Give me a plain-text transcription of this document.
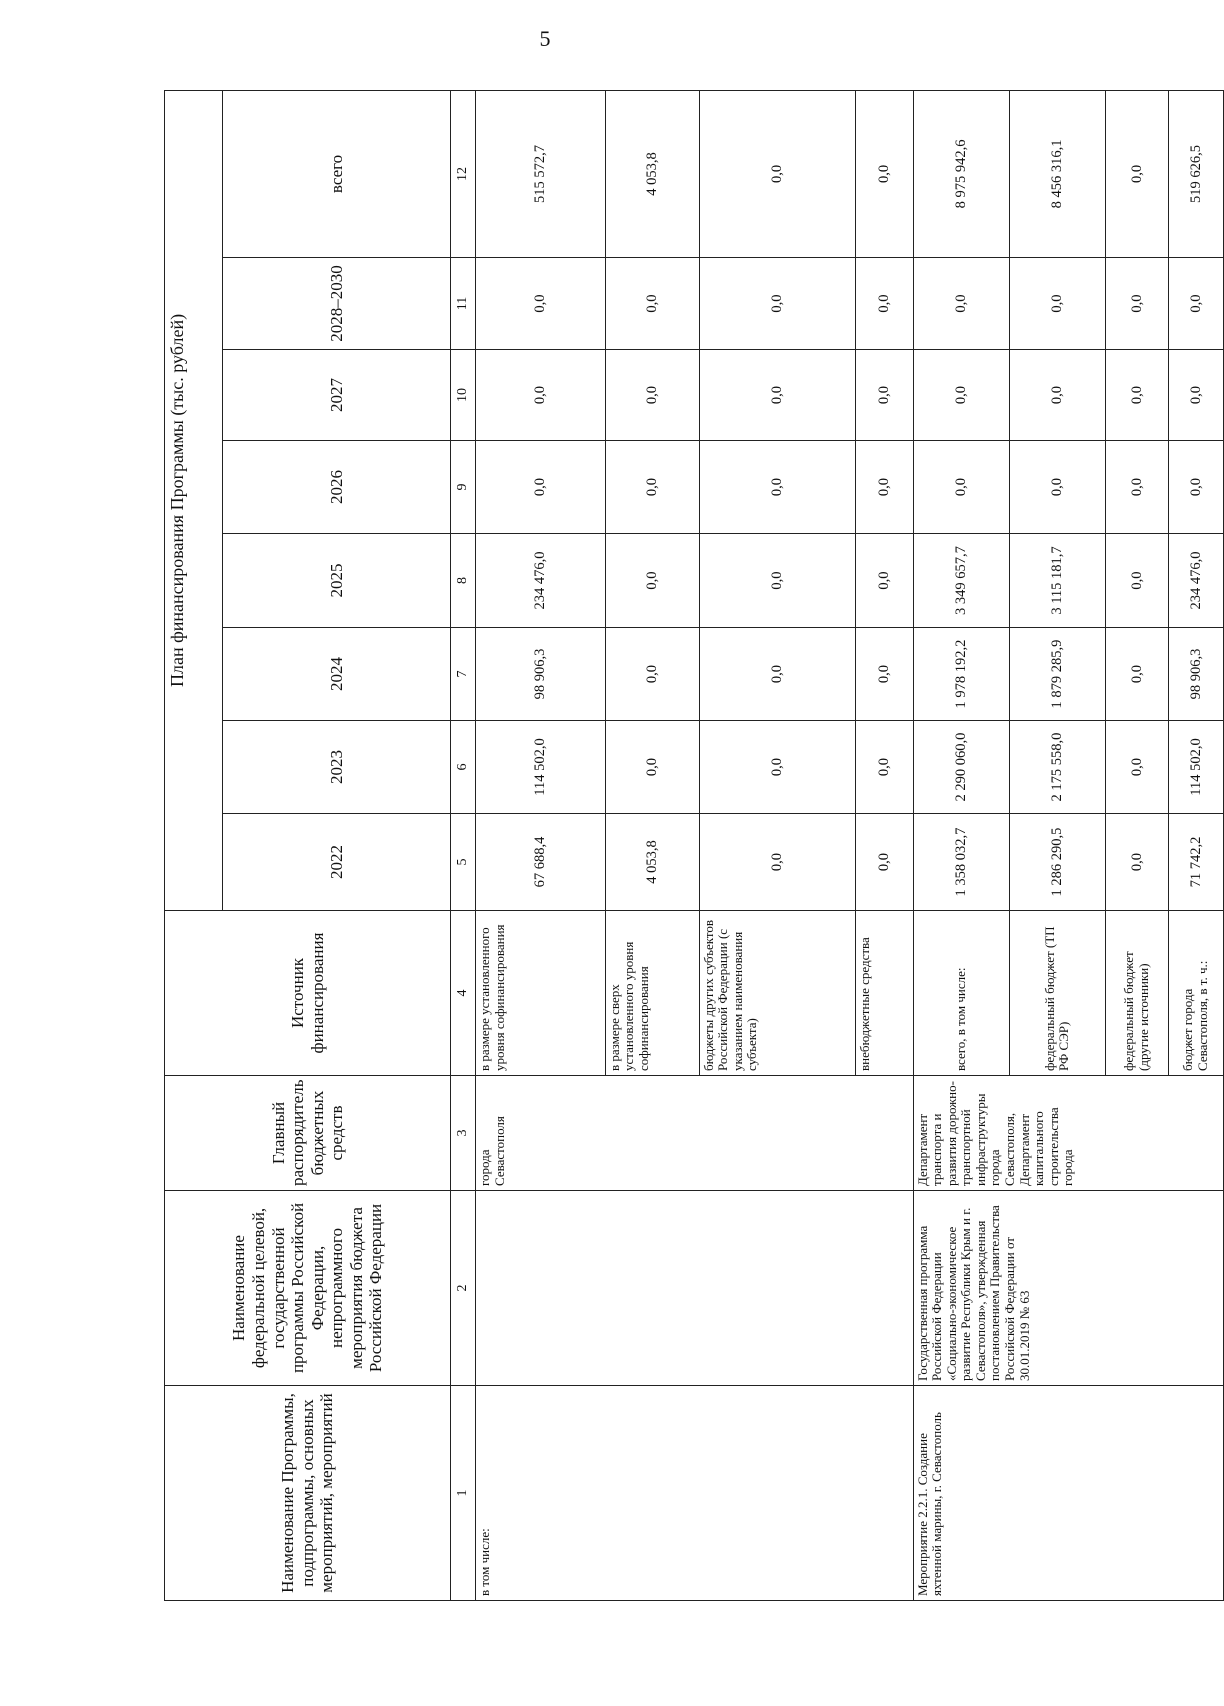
5
Наименование Программы, подпрограммы, основных мероприятий, мероприятий	Наименование федеральной целевой, государственной программы Российской Федерации, непрограммного мероприятия бюджета Российской Федерации	Главный распорядитель бюджетных средств	Источник финансирования	План финансирования Программы (тыс. рублей)							
				2022	2023	2024	2025	2026	2027	2028–2030	всего
1	2	3	4	5	6	7	8	9	10	11	12
в том числе:		города Севастополя	в размере установленного уровня софинансирования	67 688,4	114 502,0	98 906,3	234 476,0	0,0	0,0	0,0	515 572,7
			в размере сверх установленного уровня софинансирования	4 053,8	0,0	0,0	0,0	0,0	0,0	0,0	4 053,8
			бюджеты других субъектов Российской Федерации (с указанием наименования субъекта)	0,0	0,0	0,0	0,0	0,0	0,0	0,0	0,0
			внебюджетные средства	0,0	0,0	0,0	0,0	0,0	0,0	0,0	0,0
Мероприятие 2.2.1. Создание яхтенной марины, г. Севастополь	Государственная программа Российской Федерации «Социально-экономическое развитие Республики Крым и г. Севастополя», утвержденная постановлением Правительства Российской Федерации от 30.01.2019 № 63	Департамент транспорта и развития дорожно-транспортной инфраструктуры города Севастополя, Департамент капитального строительства города	всего, в том числе:	1 358 032,7	2 290 060,0	1 978 192,2	3 349 657,7	0,0	0,0	0,0	8 975 942,6
			федеральный бюджет (ТП РФ СЭР)	1 286 290,5	2 175 558,0	1 879 285,9	3 115 181,7	0,0	0,0	0,0	8 456 316,1
			федеральный бюджет (другие источники)	0,0	0,0	0,0	0,0	0,0	0,0	0,0	0,0
			бюджет города Севастополя, в т. ч.:	71 742,2	114 502,0	98 906,3	234 476,0	0,0	0,0	0,0	519 626,5
